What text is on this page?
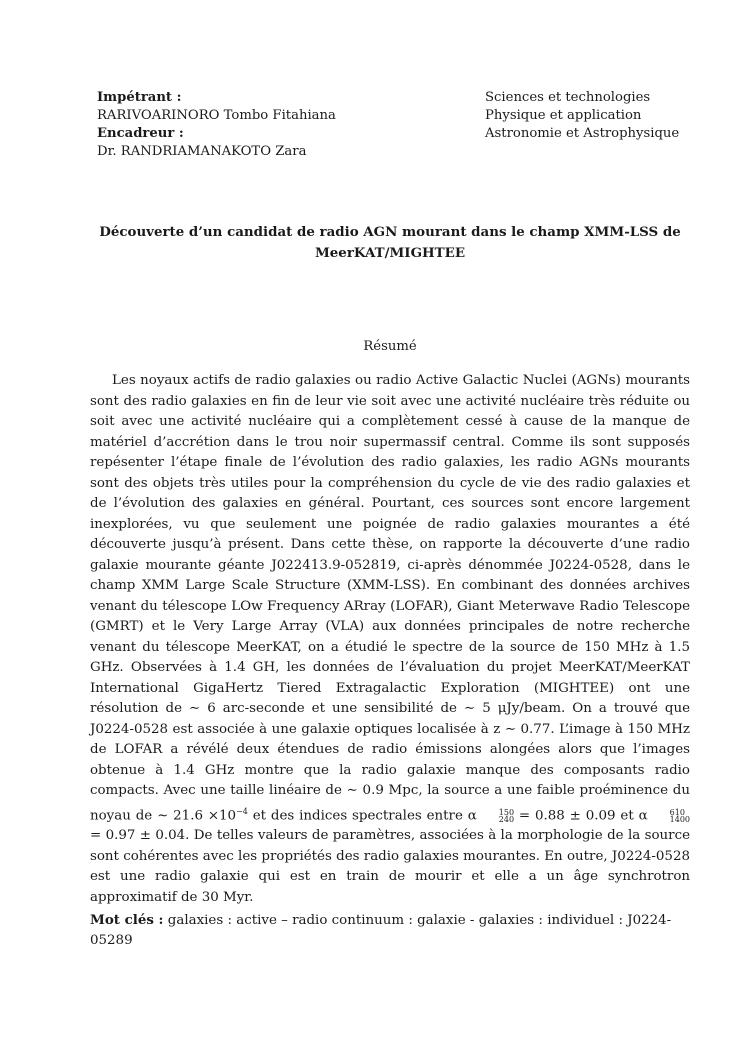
Impétrant :
RARIVOARINORO Tombo Fitahiana
Encadreur :
Dr. RANDRIAMANAKOTO Zara
Sciences et technologies
Physique et application
Astronomie et Astrophysique
Découverte d’un candidat de radio AGN mourant dans le champ XMM-LSS de MeerKAT/MIGHTEE
Résumé
Les noyaux actifs de radio galaxies ou radio Active Galactic Nuclei (AGNs) mourants sont des radio galaxies en fin de leur vie soit avec une activité nucléaire très réduite ou soit avec une activité nucléaire qui a complètement cessé à cause de la manque de matériel d’accrétion dans le trou noir supermassif central. Comme ils sont supposés repésenter l’étape finale de l’évolution des radio galaxies, les radio AGNs mourants sont des objets très utiles pour la compréhension du cycle de vie des radio galaxies et de l’évolution des galaxies en général. Pourtant, ces sources sont encore largement inexplorées, vu que seulement une poignée de radio galaxies mourantes a été découverte jusqu’à présent. Dans cette thèse, on rapporte la découverte d’une radio galaxie mourante géante J022413.9-052819, ci-après dénommée J0224-0528, dans le champ XMM Large Scale Structure (XMM-LSS). En combinant des données archives venant du télescope LOw Frequency ARray (LOFAR), Giant Meterwave Radio Telescope (GMRT) et le Very Large Array (VLA) aux données principales de notre recherche venant du télescope MeerKAT, on a étudié le spectre de la source de 150 MHz à 1.5 GHz. Observées à 1.4 GH, les données de l’évaluation du projet MeerKAT/MeerKAT International GigaHertz Tiered Extragalactic Exploration (MIGHTEE) ont une résolution de ∼ 6 arc-seconde et une sensibilité de ∼ 5 μJy/beam. On a trouvé que J0224-0528 est associée à une galaxie optiques localisée à z ∼ 0.77. L’image à 150 MHz de LOFAR a révélé deux étendues de radio émissions alongées alors que l’images obtenue à 1.4 GHz montre que la radio galaxie manque des composants radio compacts. Avec une taille linéaire de ∼ 0.9 Mpc, la source a une faible proéminence du noyau de ∼ $21.6 \times 10^{-4}$ et des indices spectrales entre α	150
240 = 0.88 ± 0.09 et α	610
1400
= 0.97 ± 0.04. De telles valeurs de paramètres, associées à la morphologie de la source sont cohérentes avec les propriétés des radio galaxies mourantes. En outre, J0224-0528 est une radio galaxie qui est en train de mourir et elle a un âge synchrotron approximatif de 30 Myr.
Mot clés : galaxies : active – radio continuum : galaxie - galaxies : individuel : J0224-05289
